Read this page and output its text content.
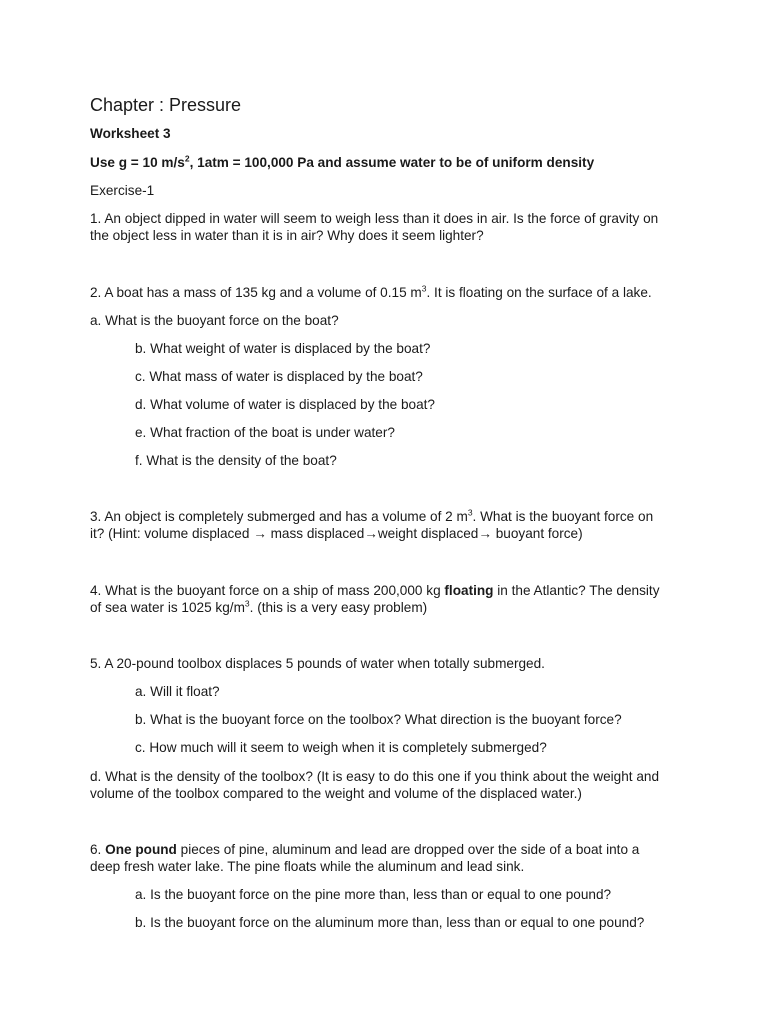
Chapter : Pressure
Worksheet 3
Use g = 10 $m/s^2$, 1atm = 100,000 Pa and assume water to be of uniform density
Exercise-1
1. An object dipped in water will seem to weigh less than it does in air. Is the force of gravity on
the object less in water than it is in air? Why does it seem lighter?
2. A boat has a mass of 135 kg and a volume of 0.15 $m^3$. It is floating on the surface of a lake.
a. What is the buoyant force on the boat?
b. What weight of water is displaced by the boat?
c. What mass of water is displaced by the boat?
d. What volume of water is displaced by the boat?
e. What fraction of the boat is under water?
f. What is the density of the boat?
3. An object is completely submerged and has a volume of 2 $m^3$. What is the buoyant force on
it? (Hint: volume displaced → mass displaced→weight displaced→ buoyant force)
4. What is the buoyant force on a ship of mass 200,000 kg floating in the Atlantic? The density
of sea water is 1025 $kg/m^3$. (this is a very easy problem)
5. A 20-pound toolbox displaces 5 pounds of water when totally submerged.
a. Will it float?
b. What is the buoyant force on the toolbox? What direction is the buoyant force?
c. How much will it seem to weigh when it is completely submerged?
d. What is the density of the toolbox? (It is easy to do this one if you think about the weight and
volume of the toolbox compared to the weight and volume of the displaced water.)
6. One pound pieces of pine, aluminum and lead are dropped over the side of a boat into a
deep fresh water lake. The pine floats while the aluminum and lead sink.
a. Is the buoyant force on the pine more than, less than or equal to one pound?
b. Is the buoyant force on the aluminum more than, less than or equal to one pound?
